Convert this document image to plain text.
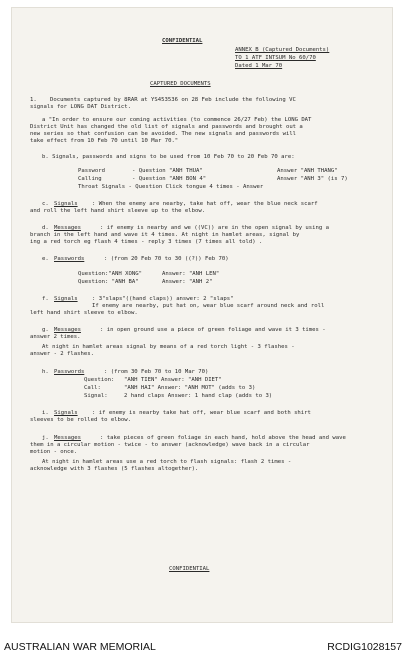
CONFIDENTIAL
ANNEX B (Captured Documents)
TO 1 ATF INTSUM No 60/70
Dated 1 Mar 70
CAPTURED DOCUMENTS
1. Documents captured by 8RAR at YS453536 on 28 Feb include the following VC
signals for LONG DAT District.
a "In order to ensure our coming activities (to commence 26/27 Feb) the LONG DAT
District Unit has changed the old list of signals and passwords and brought out a
new series so that confusion can be avoided. The new signals and passwords will
take effect from 10 Feb 70 until 10 Mar 70."
b. Signals, passwords and signs to be used from 10 Feb 70 to 20 Feb 70 are:
Password	- Question "ANH THUA"	Answer "ANH THANG"
Calling	- Question "ANH BON 4"	Answer "ANH 3" (is 7)
Throat Signals - Question Click tongue 4 times - Answer
c. Signals	: When the enemy are nearby, take hat off, wear the blue neck scarf
and roll the left hand shirt sleeve up to the elbow.
d. Messages	: if enemy is nearby and we ((VC)) are in the open signal by using a
branch in the left hand and wave it 4 times. At night in hamlet areas, signal by
ing a red torch eg flash 4 times - reply 3 times (7 times all told) .
e. Passwords	: (from 20 Feb 70 to 30 ((?)) Feb 70)
Question:"ANH XONG"	Answer: "ANH LEN"
Question: "ANH BA"	Answer: "ANH 2"
f. Signals	: 3"slaps"((hand claps)) answer: 2 "slaps"
If enemy are nearby, put hat on, wear blue scarf around neck and roll
left hand shirt sleeve to elbow.
g. Messages	: in open ground use a piece of green foliage and wave it 3 times -
answer 2 times.
At night in hamlet areas signal by means of a red torch light - 3 flashes -
answer - 2 flashes.
h. Passwords	: (from 30 Feb 70 to 10 Mar 70)
Question: "ANH TIEN" Answer: "ANH DIET"
Call:	"ANH HAI" Answer: "ANH MOT" (adds to 3)
Signal:	2 hand claps Answer: 1 hand clap (adds to 3)
i. Signals	: if enemy is nearby take hat off, wear blue scarf and both shirt
sleeves to be rolled to elbow.
j. Messages	: take pieces of green foliage in each hand, hold above the head and wave
them in a circular motion - twice - to answer (acknowledge) wave back in a circular
motion - once.
At night in hamlet areas use a red torch to flash signals: flash 2 times -
acknowledge with 3 flashes (5 flashes altogether).
CONFIDENTIAL
AUSTRALIAN WAR MEMORIAL	RCDIG1028157
